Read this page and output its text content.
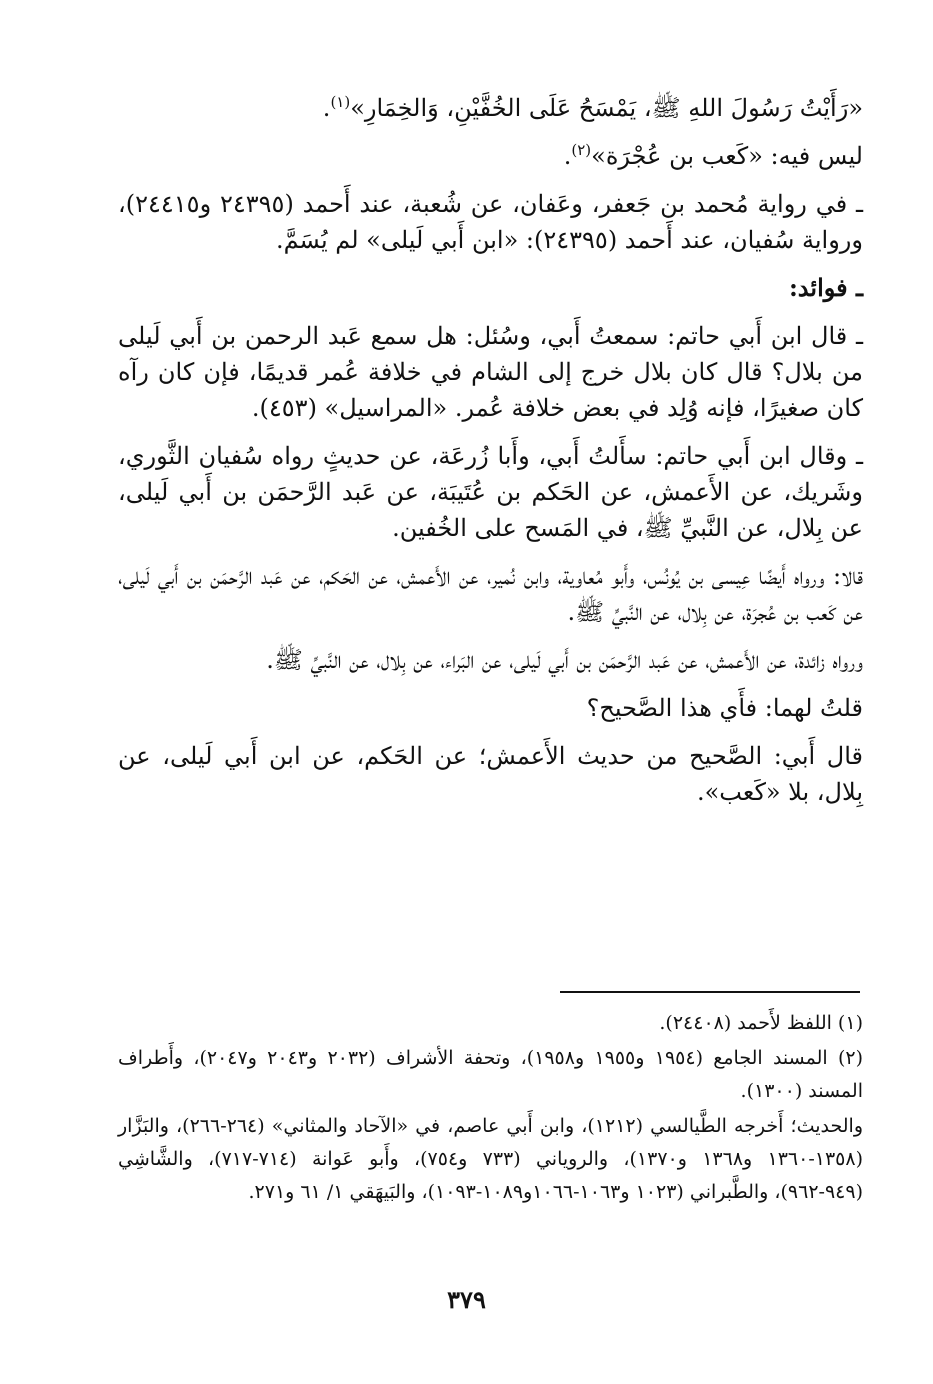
«رَأَيْتُ رَسُولَ اللهِ ﷺ، يَمْسَحُ عَلَى الخُفَّيْنِ، وَالخِمَارِ»$^{(١)}$.

ليس فيه: «كَعب بن عُجْرَة»$^{(٢)}$.

ـ في رواية مُحمد بن جَعفر، وعَفان، عن شُعبة، عند أَحمد (٢٤٣٩٥ و٢٤٤١٥)، ورواية سُفيان، عند أَحمد (٢٤٣٩٥): «ابن أَبي لَيلى» لم يُسَمَّ.

ـ فوائد:

ـ قال ابن أَبي حاتم: سمعتُ أَبي، وسُئل: هل سمع عَبد الرحمن بن أَبي لَيلى من بلال؟ قال كان بلال خرج إلى الشام في خلافة عُمر قديمًا، فإن كان رآه كان صغيرًا، فإنه وُلِد في بعض خلافة عُمر. «المراسيل» (٤٥٣).

ـ وقال ابن أَبي حاتم: سأَلتُ أَبي، وأَبا زُرعَة، عن حديثٍ رواه سُفيان الثَّوري، وشَريك، عن الأَعمش، عن الحَكم بن عُتَيبَة، عن عَبد الرَّحمَن بن أَبي لَيلى، عن بِلال، عن النَّبيِّ ﷺ، في المَسح على الخُفين.

قالا: ورواه أَيضًا عِيسى بن يُونُس، وأَبو مُعاوية، وابن نُمير، عن الأَعمش، عن الحَكم، عن عَبد الرَّحمَن بن أَبي لَيلى، عن كَعب بن عُجرَة، عن بِلال، عن النَّبيِّ ﷺ.

ورواه زائدة، عن الأَعمش، عن عَبد الرَّحمَن بن أَبي لَيلى، عن البَراء، عن بِلال، عن النَّبيِّ ﷺ.

قلتُ لهما: فأَي هذا الصَّحيح؟

قال أَبي: الصَّحيح من حديث الأَعمش؛ عن الحَكم، عن ابن أَبي لَيلى، عن بِلال، بلا «كَعب».

(١) اللفظ لأَحمد (٢٤٤٠٨).

(٢) المسند الجامع (١٩٥٤ و١٩٥٥ و١٩٥٨)، وتحفة الأشراف (٢٠٣٢ و٢٠٤٣ و٢٠٤٧)، وأَطراف المسند (١٣٠٠).

والحديث؛ أَخرجه الطَّيالسي (١٢١٢)، وابن أَبي عاصم، في «الآحاد والمثاني» (٢٦٤-٢٦٦)، والبَزَّار (١٣٥٨-١٣٦٠ و١٣٦٨ و١٣٧٠)، والروياني (٧٣٣ و٧٥٤)، وأَبو عَوانة (٧١٤-٧١٧)، والشَّاشِي (٩٤٩-٩٦٢)، والطَّبراني (١٠٢٣ و١٠٦٣-١٠٦٦و١٠٨٩-١٠٩٣)، والبَيهَقي ١/ ٦١ و٢٧١.

٣٧٩
